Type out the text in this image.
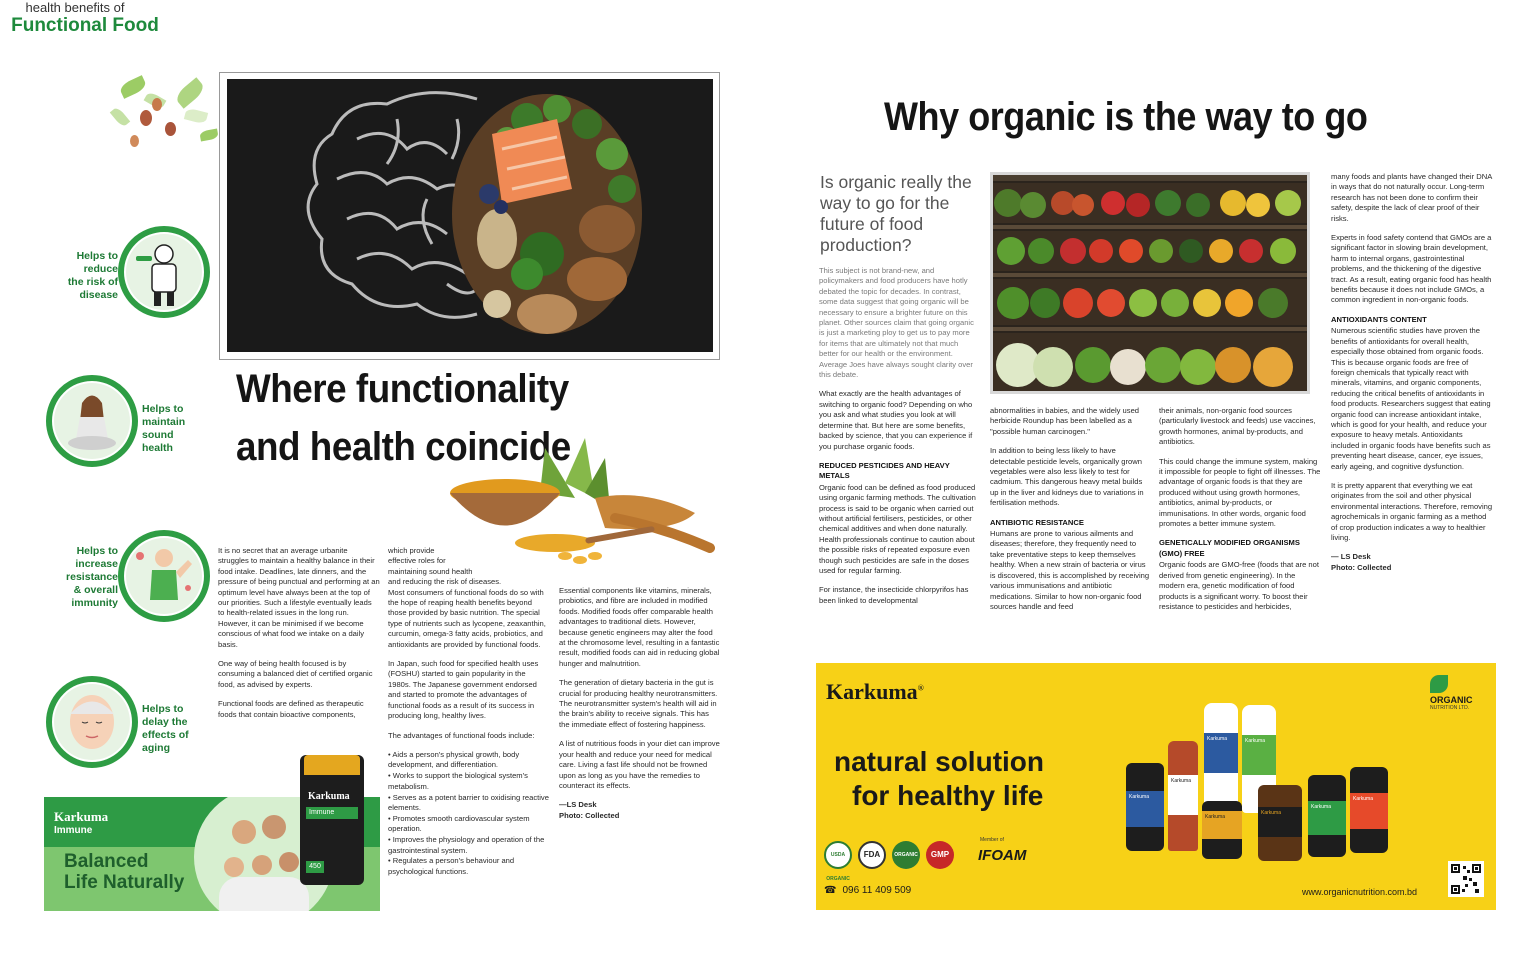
health benefits of
Functional Food
Helps to
reduce
the risk of
disease
Helps to
maintain
sound
health
Helps to
increase
resistance
& overall
immunity
Helps to
delay the
effects of
aging
Where functionality and health coincide

It is no secret that an average urbanite struggles to maintain a healthy balance in their food intake. Deadlines, late dinners, and the pressure of being punctual and performing at an optimum level have always been at the top of our priorities. Such a lifestyle eventually leads to health-related issues in the long run. However, it can be minimised if we become conscious of what food we intake on a daily basis.

One way of being health focused is by consuming a balanced diet of certified organic food, as advised by experts.

Functional foods are defined as therapeutic foods that contain bioactive components,

which provide
effective roles for
maintaining sound health
and reducing the risk of diseases.

Most consumers of functional foods do so with the hope of reaping health benefits beyond those provided by basic nutrition. The special type of nutrients such as lycopene, zeaxanthin, curcumin, omega-3 fatty acids, probiotics, and antioxidants are provided by functional foods.

In Japan, such food for specified health uses (FOSHU) started to gain popularity in the 1980s. The Japanese government endorsed and started to promote the advantages of functional foods as a result of its success in producing long, healthy lives.

The advantages of functional foods include:

• Aids a person's physical growth, body development, and differentiation.
• Works to support the biological system's metabolism.
• Serves as a potent barrier to oxidising reactive elements.
• Promotes smooth cardiovascular system operation.
• Improves the physiology and operation of the gastrointestinal system.
• Regulates a person's behaviour and psychological functions.

Essential components like vitamins, minerals, probiotics, and fibre are included in modified foods. Modified foods offer comparable health advantages to traditional diets. However, because genetic engineers may alter the food at the chromosome level, resulting in a fantastic result, modified foods can aid in reducing global hunger and malnutrition.

The generation of dietary bacteria in the gut is crucial for producing healthy neurotransmitters. The neurotransmitter system's health will aid in the brain's ability to receive signals. This has the immediate effect of fostering happiness.

A list of nutritious foods in your diet can improve your health and reduce your need for medical care. Living a fast life should not be frowned upon as long as you have the remedies to counteract its effects.

—LS Desk
Photo: Collected
Karkuma
Immune
Balanced
Life Naturally
Karkuma
Immune
450
Why organic is the way to go
Is organic really the way to go for the future of food production?

This subject is not brand-new, and policymakers and food producers have hotly debated the topic for decades. In contrast, some data suggest that going organic will be necessary to ensure a brighter future on this planet. Other sources claim that going organic is just a marketing ploy to get us to pay more for items that are ultimately not that much better for our health or the environment. Average Joes have always sought clarity over this debate.

What exactly are the health advantages of switching to organic food? Depending on who you ask and what studies you look at will determine that. But here are some benefits, backed by science, that you can experience if you purchase organic foods.

REDUCED PESTICIDES AND HEAVY METALS

Organic food can be defined as food produced using organic farming methods. The cultivation process is said to be organic when carried out without artificial fertilisers, pesticides, or other chemical additives and when done naturally. Health professionals continue to caution about the possible risks of repeated exposure even though such pesticides are safe in the doses used for regular farming.

For instance, the insecticide chlorpyrifos has been linked to developmental

abnormalities in babies, and the widely used herbicide Roundup has been labelled as a "possible human carcinogen."

In addition to being less likely to have detectable pesticide levels, organically grown vegetables were also less likely to test for cadmium. This dangerous heavy metal builds up in the liver and kidneys due to variations in fertilisation methods.

ANTIBIOTIC RESISTANCE

Humans are prone to various ailments and diseases; therefore, they frequently need to take preventative steps to keep themselves healthy. When a new strain of bacteria or virus is discovered, this is accomplished by receiving various immunisations and antibiotic medications. Similar to how non-organic food sources handle and feed

their animals, non-organic food sources (particularly livestock and feeds) use vaccines, growth hormones, animal by-products, and antibiotics.

This could change the immune system, making it impossible for people to fight off illnesses. The advantage of organic foods is that they are produced without using growth hormones, antibiotics, animal by-products, or immunisations. In other words, organic food promotes a better immune system.

GENETICALLY MODIFIED ORGANISMS (GMO) FREE

Organic foods are GMO-free (foods that are not derived from genetic engineering). In the modern era, genetic modification of food products is a significant worry. To boost their resistance to pesticides and herbicides,

many foods and plants have changed their DNA in ways that do not naturally occur. Long-term research has not been done to confirm their safety, despite the lack of clear proof of their risks.

Experts in food safety contend that GMOs are a significant factor in slowing brain development, harm to internal organs, gastrointestinal problems, and the thickening of the digestive tract. As a result, eating organic food has health benefits because it does not include GMOs, a common ingredient in non-organic foods.

ANTIOXIDANTS CONTENT

Numerous scientific studies have proven the benefits of antioxidants for overall health, especially those obtained from organic foods. This is because organic foods are free of foreign chemicals that typically react with minerals, vitamins, and organic components, reducing the critical benefits of antioxidants in food products. Researchers suggest that eating organic food can increase antioxidant intake, which is good for your health, and reduce your exposure to heavy metals. Antioxidants included in organic foods have benefits such as preventing heart disease, cancer, eye issues, early ageing, and cognitive dysfunction.

It is pretty apparent that everything we eat originates from the soil and other physical environmental interactions. Therefore, removing agrochemicals in organic farming as a method of crop production indicates a way to healthier living.

— LS Desk
Photo: Collected
Karkuma®
natural solution
for healthy life
USDA ORGANIC
FDA	ORGANIC	GMP
Member of
IFOAM
☎ 096 11 409 509
Karkuma	Karkuma
Karkuma
Karkuma
Karkuma
Karkuma
Karkuma
Karkuma
ORGANIC
NUTRITION LTD.
www.organicnutrition.com.bd
